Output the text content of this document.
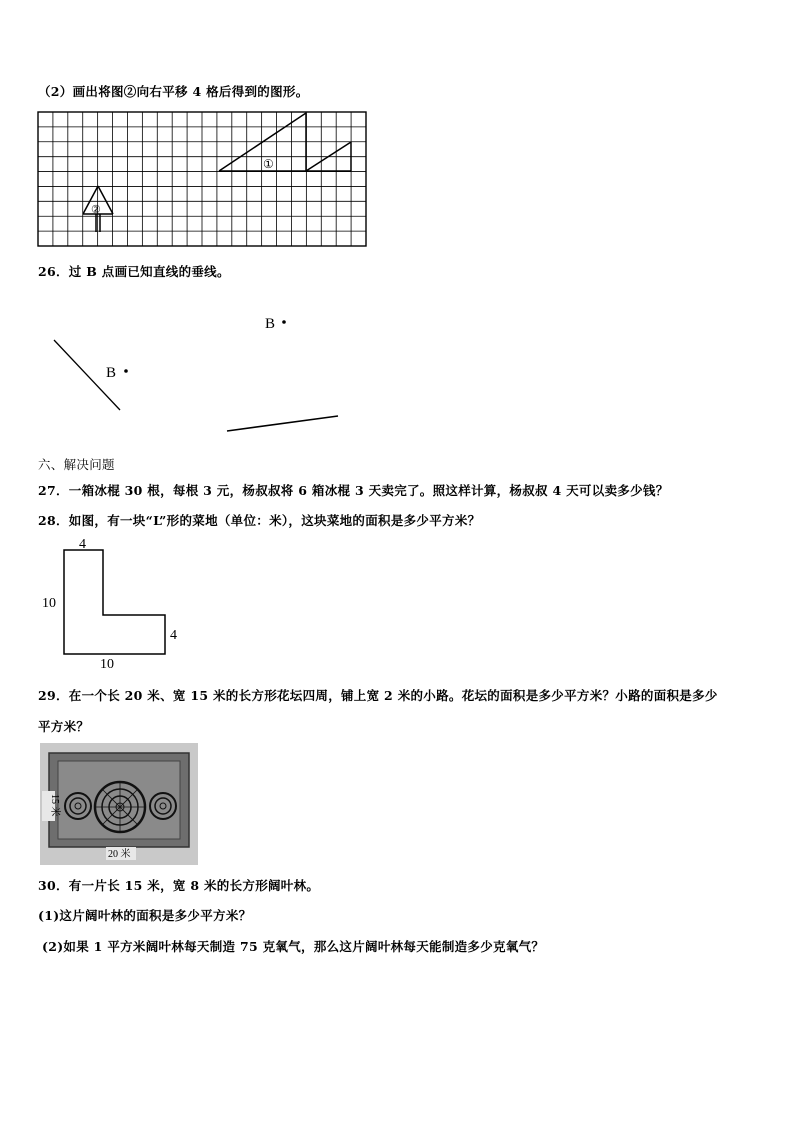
（2）画出将图②向右平移 4 格后得到的图形。
①
②
26．过 B 点画已知直线的垂线。
B
B
六、解决问题
27．一箱冰棍 30 根，每根 3 元，杨叔叔将 6 箱冰棍 3 天卖完了。照这样计算，杨叔叔 4 天可以卖多少钱？
28．如图，有一块“L”形的菜地（单位：米），这块菜地的面积是多少平方米？
4
10
4
10
29．在一个长 20 米、宽 15 米的长方形花坛四周，铺上宽 2 米的小路。花坛的面积是多少平方米？小路的面积是多少
平方米？
20 米
15 米
30．有一片长 15 米，宽 8 米的长方形阔叶林。
(1)这片阔叶林的面积是多少平方米？
(2)如果 1 平方米阔叶林每天制造 75 克氧气，那么这片阔叶林每天能制造多少克氧气？
